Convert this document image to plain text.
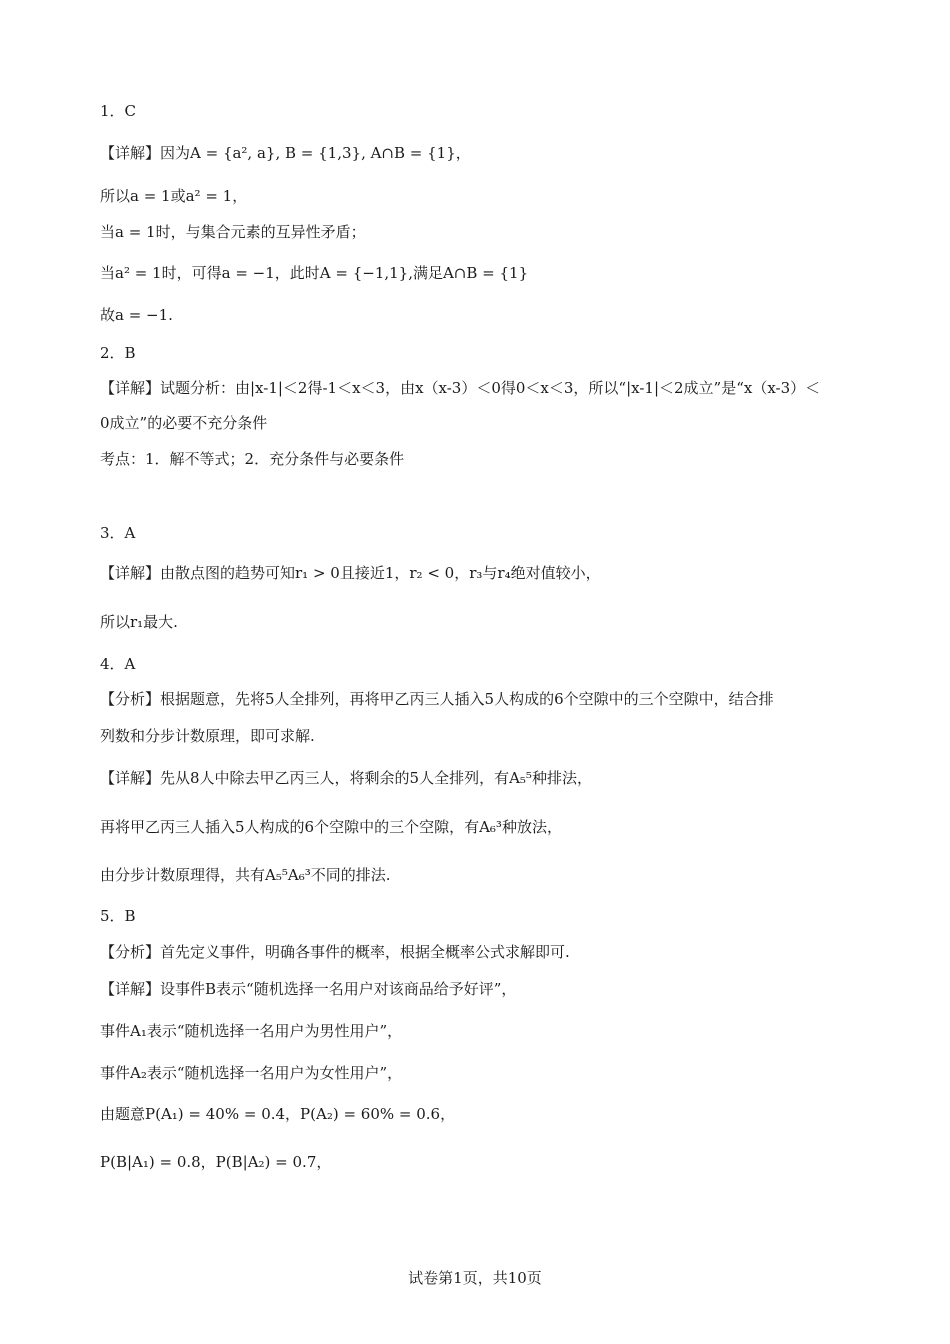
1．C
【详解】因为A = {a², a}, B = {1,3}, A∩B = {1}，
所以a = 1或a² = 1，
当a = 1时，与集合元素的互异性矛盾；
当a² = 1时，可得a = −1，此时A = {−1,1},满足A∩B = {1}
故a = −1.
2．B
【详解】试题分析：由|x-1|＜2得-1＜x＜3，由x（x-3）＜0得0＜x＜3，所以“|x-1|＜2成立”是“x（x-3）＜
0成立”的必要不充分条件
考点：1．解不等式；2．充分条件与必要条件
3．A
【详解】由散点图的趋势可知r₁ > 0且接近1，r₂ < 0，r₃与r₄绝对值较小，
所以r₁最大.
4．A
【分析】根据题意，先将5人全排列，再将甲乙丙三人插入5人构成的6个空隙中的三个空隙中，结合排
列数和分步计数原理，即可求解.
【详解】先从8人中除去甲乙丙三人，将剩余的5人全排列，有A₅⁵种排法，
再将甲乙丙三人插入5人构成的6个空隙中的三个空隙，有A₆³种放法，
由分步计数原理得，共有A₅⁵A₆³不同的排法.
5．B
【分析】首先定义事件，明确各事件的概率，根据全概率公式求解即可.
【详解】设事件B表示“随机选择一名用户对该商品给予好评”，
事件A₁表示“随机选择一名用户为男性用户”，
事件A₂表示“随机选择一名用户为女性用户”，
由题意P(A₁) = 40% = 0.4，P(A₂) = 60% = 0.6，
P(B|A₁) = 0.8，P(B|A₂) = 0.7，
试卷第1页，共10页
